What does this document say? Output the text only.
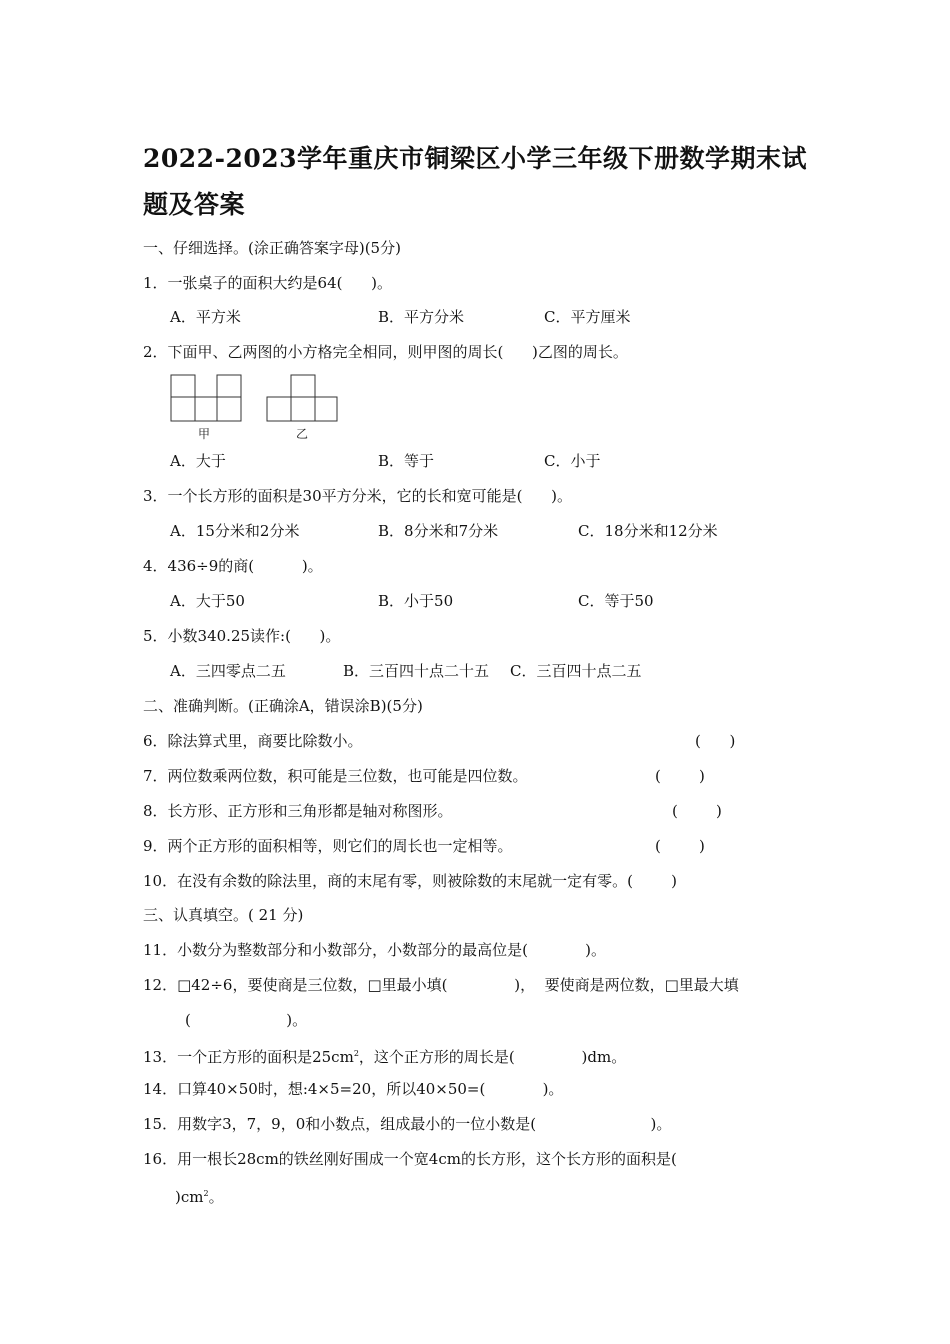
2022-2023学年重庆市铜梁区小学三年级下册数学期末试题及答案
一、仔细选择。(涂正确答案字母)(5分)
1．一张桌子的面积大约是64(      )。
A．平方米	B．平方分米	C．平方厘米
2．下面甲、乙两图的小方格完全相同，则甲图的周长(      )乙图的周长。
甲	乙
A．大于	B．等于	C．小于
3．一个长方形的面积是30平方分米，它的长和宽可能是(      )。
A．15分米和2分米	B．8分米和7分米	C．18分米和12分米
4．436÷9的商(          )。
A．大于50	B．小于50	C．等于50
5．小数340.25读作:(      )。
A．三四零点二五	B．三百四十点二十五 C．三百四十点二五
二、准确判断。(正确涂A，错误涂B)(5分)
6．除法算式里，商要比除数小。	(      )
7．两位数乘两位数，积可能是三位数，也可能是四位数。	(        )
8．长方形、正方形和三角形都是轴对称图形。	(        )
9．两个正方形的面积相等，则它们的周长也一定相等。	(        )
10．在没有余数的除法里，商的末尾有零，则被除数的末尾就一定有零。(        )
三、认真填空。( 21 分)
11．小数分为整数部分和小数部分，小数部分的最高位是(            )。
12．□42÷6，要使商是三位数，□里最小填(              )，  要使商是两位数，□里最大填
(                    )。
13．一个正方形的面积是$25cm^2$，这个正方形的周长是(              )dm。
14．口算40×50时，想:4×5=20，所以40×50=(            )。
15．用数字3，7，9，0和小数点，组成最小的一位小数是(                        )。
16．用一根长28cm的铁丝刚好围成一个宽4cm的长方形，这个长方形的面积是(
)$cm^2$。
